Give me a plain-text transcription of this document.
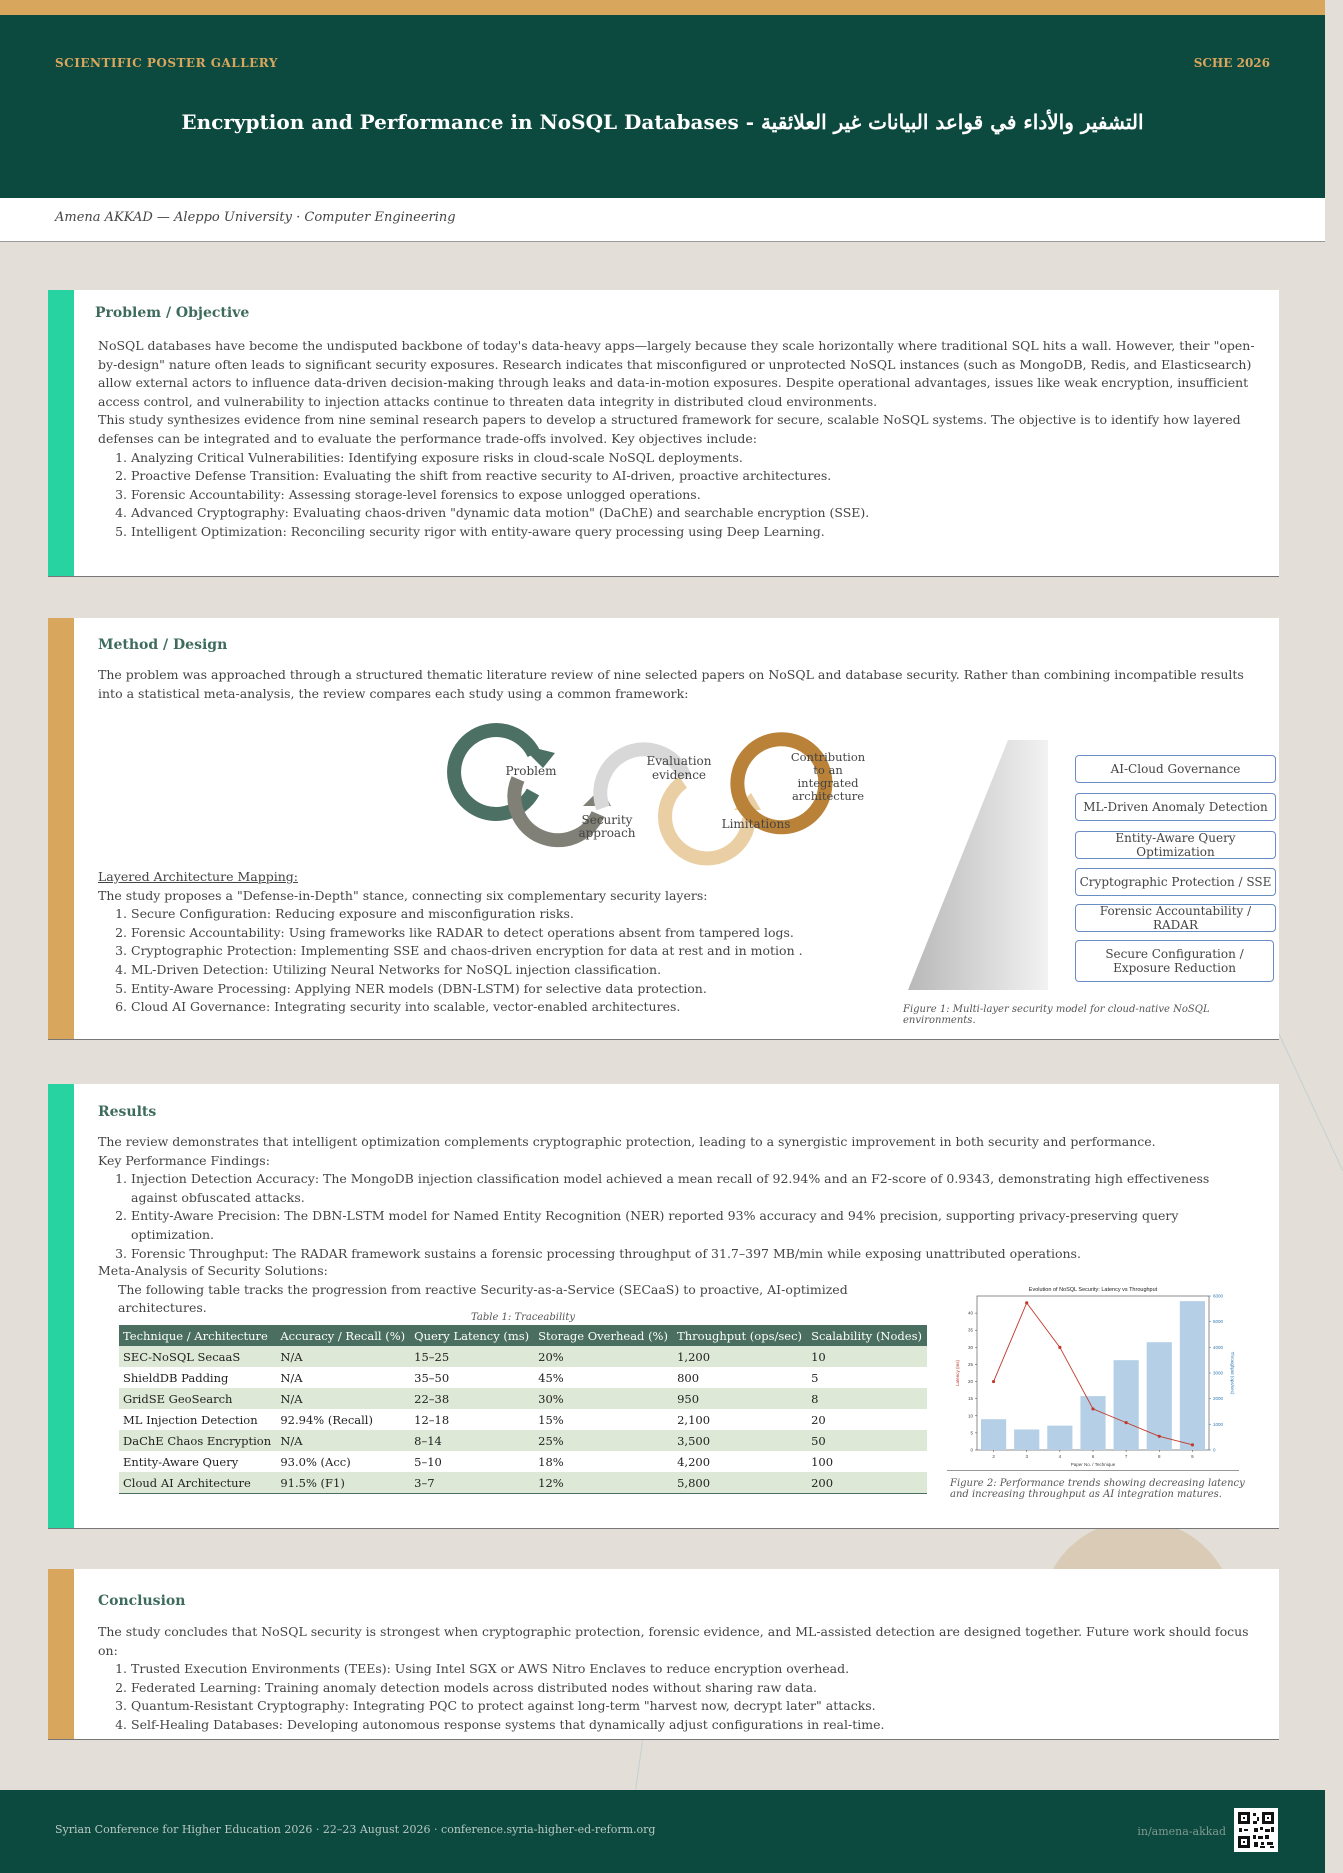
SCIENTIFIC POSTER GALLERY	SCHE 2026
Encryption and Performance in NoSQL Databases - التشفير والأداء في قواعد البيانات غير العلائقية
Amena AKKAD — Aleppo University · Computer Engineering
Problem / Objective

NoSQL databases have become the undisputed backbone of today's data-heavy apps—largely because they scale horizontally where traditional SQL hits a wall. However, their "open-by-design" nature often leads to significant security exposures. Research indicates that misconfigured or unprotected NoSQL instances (such as MongoDB, Redis, and Elasticsearch) allow external actors to influence data-driven decision-making through leaks and data-in-motion exposures. Despite operational advantages, issues like weak encryption, insufficient access control, and vulnerability to injection attacks continue to threaten data integrity in distributed cloud environments.

This study synthesizes evidence from nine seminal research papers to develop a structured framework for secure, scalable NoSQL systems. The objective is to identify how layered defenses can be integrated and to evaluate the performance trade-offs involved. Key objectives include:

1. Analyzing Critical Vulnerabilities: Identifying exposure risks in cloud-scale NoSQL deployments.
2. Proactive Defense Transition: Evaluating the shift from reactive security to AI-driven, proactive architectures.
3. Forensic Accountability: Assessing storage-level forensics to expose unlogged operations.
4. Advanced Cryptography: Evaluating chaos-driven "dynamic data motion" (DaChE) and searchable encryption (SSE).
5. Intelligent Optimization: Reconciling security rigor with entity-aware query processing using Deep Learning.
Method / Design
The problem was approached through a structured thematic literature review of nine selected papers on NoSQL and database security. Rather than combining incompatible results into a statistical meta-analysis, the review compares each study using a common framework:
Problem
Security
approach
Evaluation
evidence
Limitations
Contribution
to an
integrated
architecture

Layered Architecture Mapping:

The study proposes a "Defense-in-Depth" stance, connecting six complementary security layers:

1. Secure Configuration: Reducing exposure and misconfiguration risks.
2. Forensic Accountability: Using frameworks like RADAR to detect operations absent from tampered logs.
3. Cryptographic Protection: Implementing SSE and chaos-driven encryption for data at rest and in motion .
4. ML-Driven Detection: Utilizing Neural Networks for NoSQL injection classification.
5. Entity-Aware Processing: Applying NER models (DBN-LSTM) for selective data protection.
6. Cloud AI Governance: Integrating security into scalable, vector-enabled architectures.
AI-Cloud Governance
ML-Driven Anomaly Detection
Entity-Aware Query Optimization
Cryptographic Protection / SSE
Forensic Accountability / RADAR
Secure Configuration / Exposure Reduction
Figure 1: Multi-layer security model for cloud-native NoSQL environments.
Results

The review demonstrates that intelligent optimization complements cryptographic protection, leading to a synergistic improvement in both security and performance.

Key Performance Findings:

1. Injection Detection Accuracy: The MongoDB injection classification model achieved a mean recall of 92.94% and an F2-score of 0.9343, demonstrating high effectiveness against obfuscated attacks.
2. Entity-Aware Precision: The DBN-LSTM model for Named Entity Recognition (NER) reported 93% accuracy and 94% precision, supporting privacy-preserving query optimization.
3. Forensic Throughput: The RADAR framework sustains a forensic processing throughput of 31.7–397 MB/min while exposing unattributed operations.

Meta-Analysis of Security Solutions:

The following table tracks the progression from reactive Security-as-a-Service (SECaaS) to proactive, AI-optimized architectures.

Table 1: Traceability
Technique / Architecture	Accuracy / Recall (%)	Query Latency (ms)	Storage Overhead (%)	Throughput (ops/sec)	Scalability (Nodes)
SEC-NoSQL SecaaS	N/A	15–25	20%	1,200	10
ShieldDB Padding	N/A	35–50	45%	800	5
GridSE GeoSearch	N/A	22–38	30%	950	8
ML Injection Detection	92.94% (Recall)	12–18	15%	2,100	20
DaChE Chaos Encryption	N/A	8–14	25%	3,500	50
Entity-Aware Query	93.0% (Acc)	5–10	18%	4,200	100
Cloud AI Architecture	91.5% (F1)	3–7	12%	5,800	200
Evolution of NoSQL Security: Latency vs Throughput
0
5
10
15
20
25
30
35
40
0
1000
2000
3000
4000
5000
6000
2	3	4	6	7	8	9
Paper No. / Technique
Latency (ms)	Throughput (ops/sec)
Figure 2: Performance trends showing decreasing latency and increasing throughput as AI integration matures.
Conclusion

The study concludes that NoSQL security is strongest when cryptographic protection, forensic evidence, and ML-assisted detection are designed together. Future work should focus on:

1. Trusted Execution Environments (TEEs): Using Intel SGX or AWS Nitro Enclaves to reduce encryption overhead.
2. Federated Learning: Training anomaly detection models across distributed nodes without sharing raw data.
3. Quantum-Resistant Cryptography: Integrating PQC to protect against long-term "harvest now, decrypt later" attacks.
4. Self-Healing Databases: Developing autonomous response systems that dynamically adjust configurations in real-time.
Syrian Conference for Higher Education 2026 · 22–23 August 2026 · conference.syria-higher-ed-reform.org	in/amena-akkad
